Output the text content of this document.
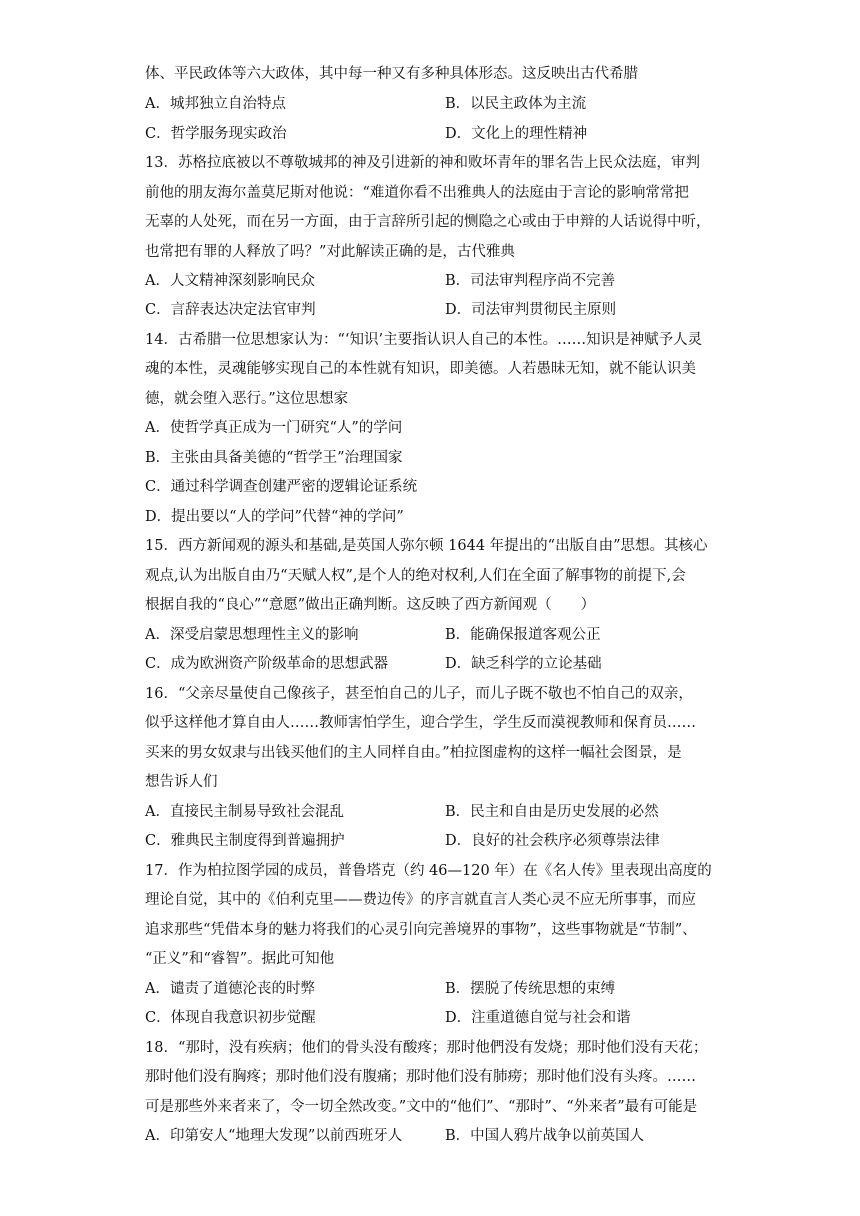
体、平民政体等六大政体，其中每一种又有多种具体形态。这反映出古代希腊
A．城邦独立自治特点	B．以民主政体为主流
C．哲学服务现实政治	D．文化上的理性精神
13．苏格拉底被以不尊敬城邦的神及引进新的神和败坏青年的罪名告上民众法庭，审判
前他的朋友海尔盖莫尼斯对他说：“难道你看不出雅典人的法庭由于言论的影响常常把
无辜的人处死，而在另一方面，由于言辞所引起的恻隐之心或由于申辩的人话说得中听，
也常把有罪的人释放了吗？”对此解读正确的是，古代雅典
A．人文精神深刻影响民众	B．司法审判程序尚不完善
C．言辞表达决定法官审判	D．司法审判贯彻民主原则
14．古希腊一位思想家认为：“‘知识’主要指认识人自己的本性。……知识是神赋予人灵
魂的本性，灵魂能够实现自己的本性就有知识，即美德。人若愚昧无知，就不能认识美
德，就会堕入恶行。”这位思想家
A．使哲学真正成为一门研究“人”的学问
B．主张由具备美德的“哲学王”治理国家
C．通过科学调查创建严密的逻辑论证系统
D．提出要以“人的学问”代替“神的学问”
15．西方新闻观的源头和基础,是英国人弥尔顿 1644 年提出的“出版自由”思想。其核心
观点,认为出版自由乃“天赋人权”,是个人的绝对权利,人们在全面了解事物的前提下,会
根据自我的“良心”“意愿”做出正确判断。这反映了西方新闻观（　　）
A．深受启蒙思想理性主义的影响	B．能确保报道客观公正
C．成为欧洲资产阶级革命的思想武器	D．缺乏科学的立论基础
16．“父亲尽量使自己像孩子，甚至怕自己的儿子，而儿子既不敬也不怕自己的双亲，
似乎这样他才算自由人……教师害怕学生，迎合学生，学生反而漠视教师和保育员……
买来的男女奴隶与出钱买他们的主人同样自由。”柏拉图虚构的这样一幅社会图景，是
想告诉人们
A．直接民主制易导致社会混乱	B．民主和自由是历史发展的必然
C．雅典民主制度得到普遍拥护	D．良好的社会秩序必须尊崇法律
17．作为柏拉图学园的成员，普鲁塔克（约 46—120 年）在《名人传》里表现出高度的
理论自觉，其中的《伯利克里——费边传》的序言就直言人类心灵不应无所事事，而应
追求那些“凭借本身的魅力将我们的心灵引向完善境界的事物”，这些事物就是“节制”、
“正义”和“睿智”。据此可知他
A．谴责了道德沦丧的时弊	B．摆脱了传统思想的束缚
C．体现自我意识初步觉醒	D．注重道德自觉与社会和谐
18．“那时，没有疾病；他们的骨头没有酸疼；那时他們没有发烧；那时他们没有天花；
那时他们没有胸疼；那时他们没有腹痛；那时他们没有肺痨；那时他们没有头疼。……
可是那些外来者来了，令一切全然改变。”文中的“他们”、“那时”、“外来者”最有可能是
A．印第安人“地理大发现”以前西班牙人	B．中国人鸦片战争以前英国人
